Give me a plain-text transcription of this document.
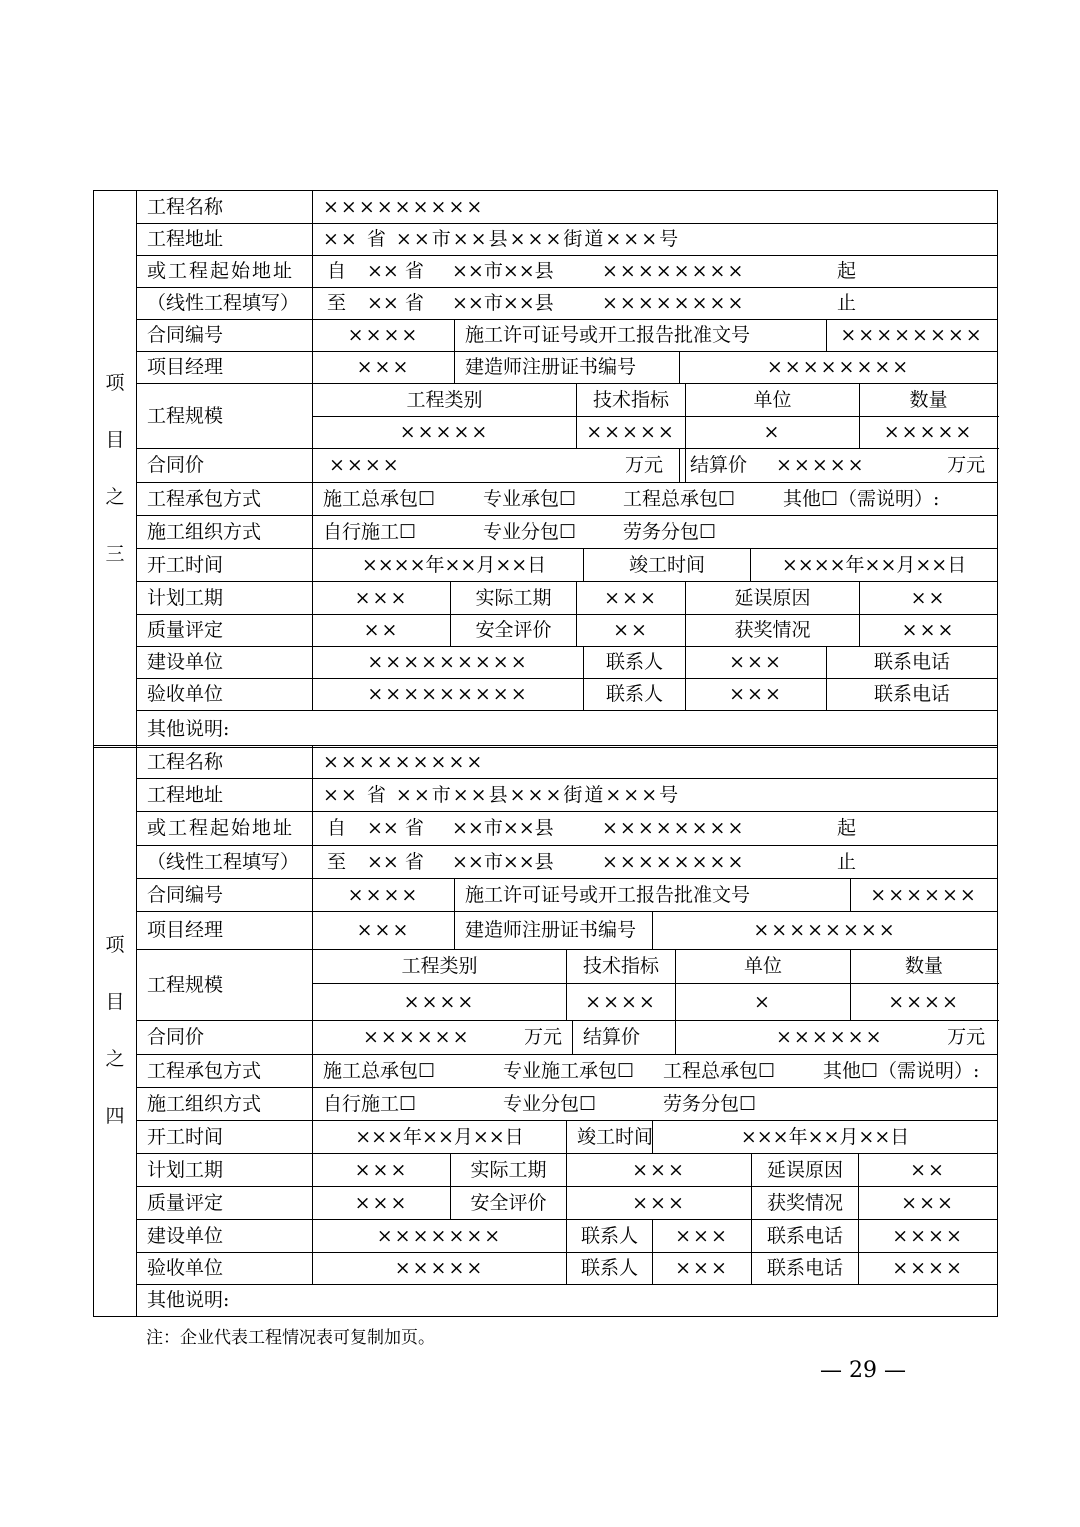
项
目
之
三	工程名称	×××××××××										
	工程地址	×× 省 ××市××县×××街道×××号										
	或工程起始地址	自 ×× 省 ××市××县 ×××××××× 起										

	（线性工程填写）	至 ×× 省 ××市××县 ×××××××× 止										

	合同编号	××××		施工许可证号或开工报告批准文号						××××××××		
	项目经理	×××		建造师注册证书编号			××××××××					
	工程规模	工程类别			技术指标			单位			数量	
		×××××			×××××			×			×××××	
	合同价	×××× 万元					结算价	××××× 万元				

	工程承包方式	施工总承包☐ 专业承包☐ 工程总承包☐ 其他☐（需说明）:										

	施工组织方式	自行施工☐ 专业分包☐ 劳务分包☐										

	开工时间	××××年××月××日				竣工时间			××××年××月××日			
	计划工期	×××	实际工期		×××			延误原因			××	
	质量评定	××	安全评价		××			获奖情况			×××	
	建设单位	×××××××××				联系人		×××		联系电话	
	验收单位	×××××××××				联系人		×××		联系电话	
	其他说明:											
项
目
之
四	工程名称	×××××××××									
	工程地址	×× 省 ××市××县×××街道×××号									
	或工程起始地址	自 ×× 省 ××市××县 ×××××××× 起									

	（线性工程填写）	至 ×× 省 ××市××县 ×××××××× 止									

	合同编号	××××		施工许可证号或开工报告批准文号						××××××	
	项目经理	×××		建造师注册证书编号			××××××××				
	工程规模	工程类别			技术指标			单位		数量	
		××××			××××			×		××××	
	合同价	×××××× 万元				结算价		×××××× 万元			

	工程承包方式	施工总承包☐ 专业施工承包☐ 工程总承包☐ 其他☐（需说明）:									

	施工组织方式	自行施工☐ 专业分包☐ 劳务分包☐									

	开工时间	×××年××月××日			竣工时间		×××年××月××日				
	计划工期	×××	实际工期		×××				延误原因		××
	质量评定	×××	安全评价		×××				获奖情况		×××
	建设单位	×××××××			联系人		×××		联系电话		××××
	验收单位	×××××			联系人		×××		联系电话		××××
	其他说明:										
注：企业代表工程情况表可复制加页。
— 29 —
